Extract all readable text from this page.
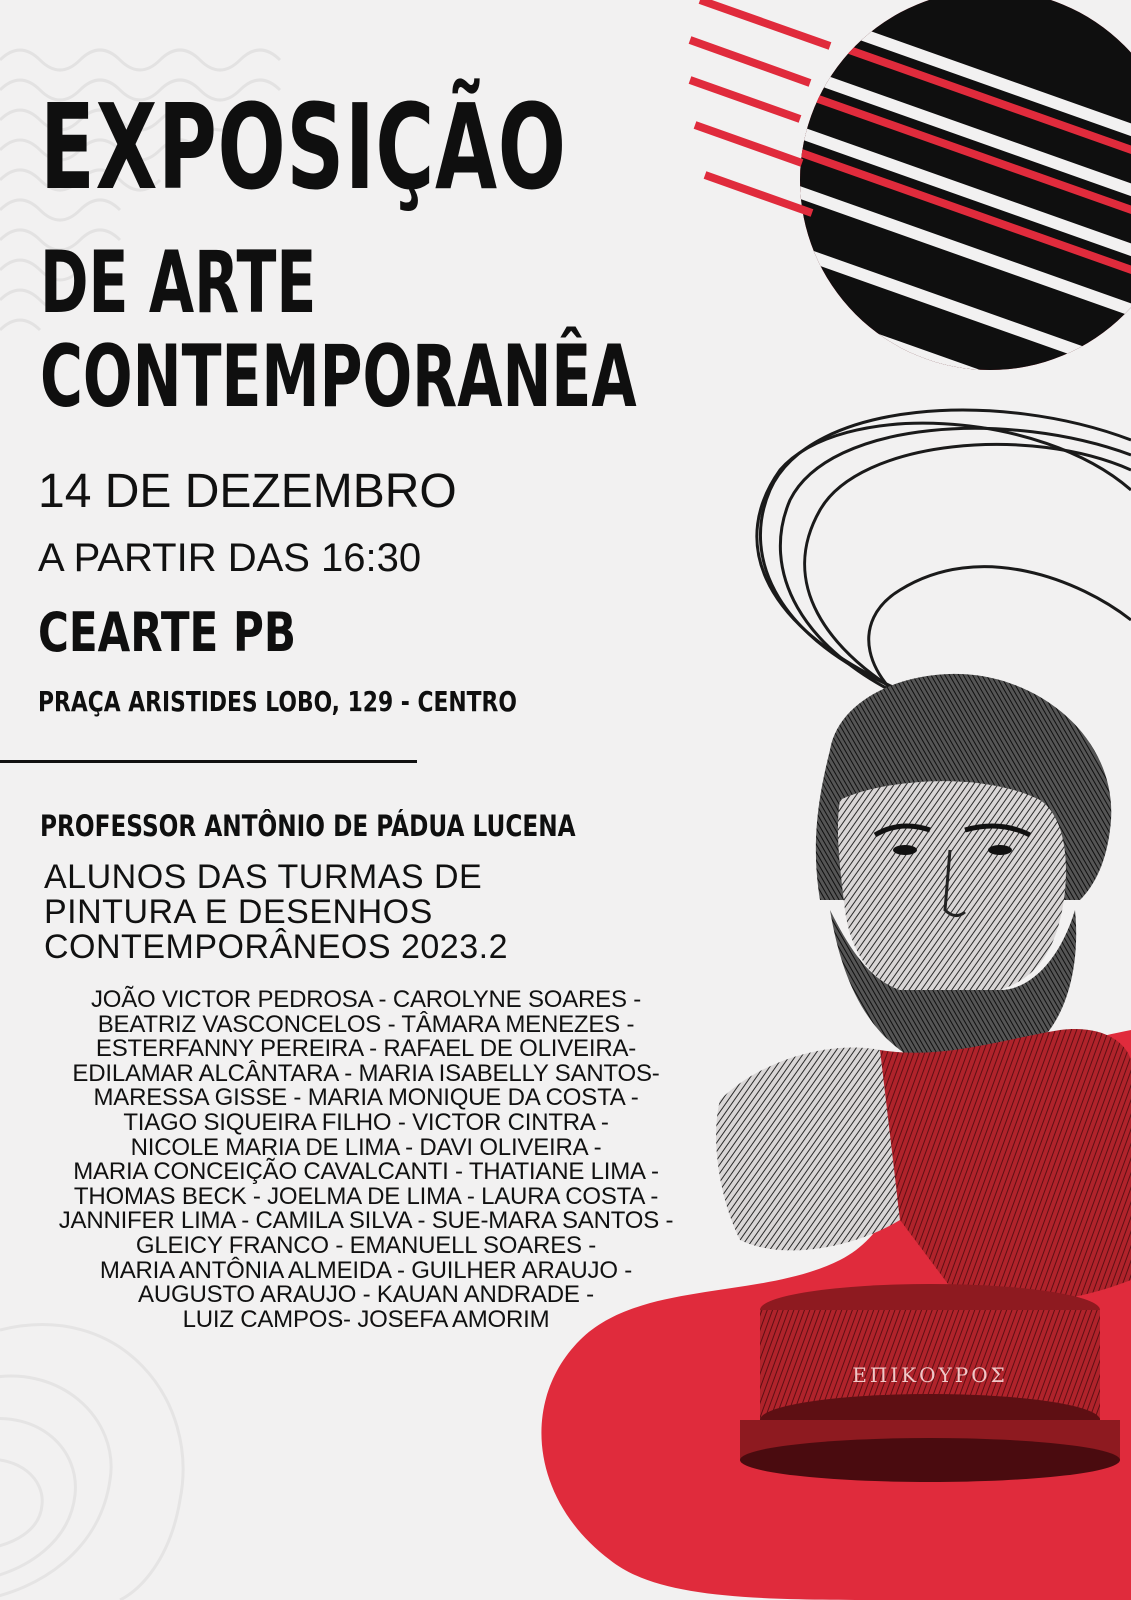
ΕΠΙΚΟΥΡΟΣ
EXPOSIÇÃO
DE ARTE
CONTEMPORANÊA

14 DE DEZEMBRO

A PARTIR DAS 16:30

CEARTE PB

PRAÇA ARISTIDES LOBO, 129 - CENTRO

PROFESSOR ANTÔNIO DE PÁDUA LUCENA

ALUNOS DAS TURMAS DE PINTURA E DESENHOS CONTEMPORÂNEOS 2023.2

JOÃO VICTOR PEDROSA - CAROLYNE SOARES -
BEATRIZ VASCONCELOS - TÂMARA MENEZES -
ESTERFANNY PEREIRA - RAFAEL DE OLIVEIRA-
EDILAMAR ALCÂNTARA - MARIA ISABELLY SANTOS-
MARESSA GISSE - MARIA MONIQUE DA COSTA -
TIAGO SIQUEIRA FILHO - VICTOR CINTRA -
NICOLE MARIA DE LIMA - DAVI OLIVEIRA -
MARIA CONCEIÇÃO CAVALCANTI - THATIANE LIMA -
THOMAS BECK - JOELMA DE LIMA - LAURA COSTA -
JANNIFER LIMA - CAMILA SILVA - SUE-MARA SANTOS -
GLEICY FRANCO - EMANUELL SOARES -
MARIA ANTÔNIA ALMEIDA - GUILHER ARAUJO -
AUGUSTO ARAUJO - KAUAN ANDRADE -
LUIZ CAMPOS- JOSEFA AMORIM
